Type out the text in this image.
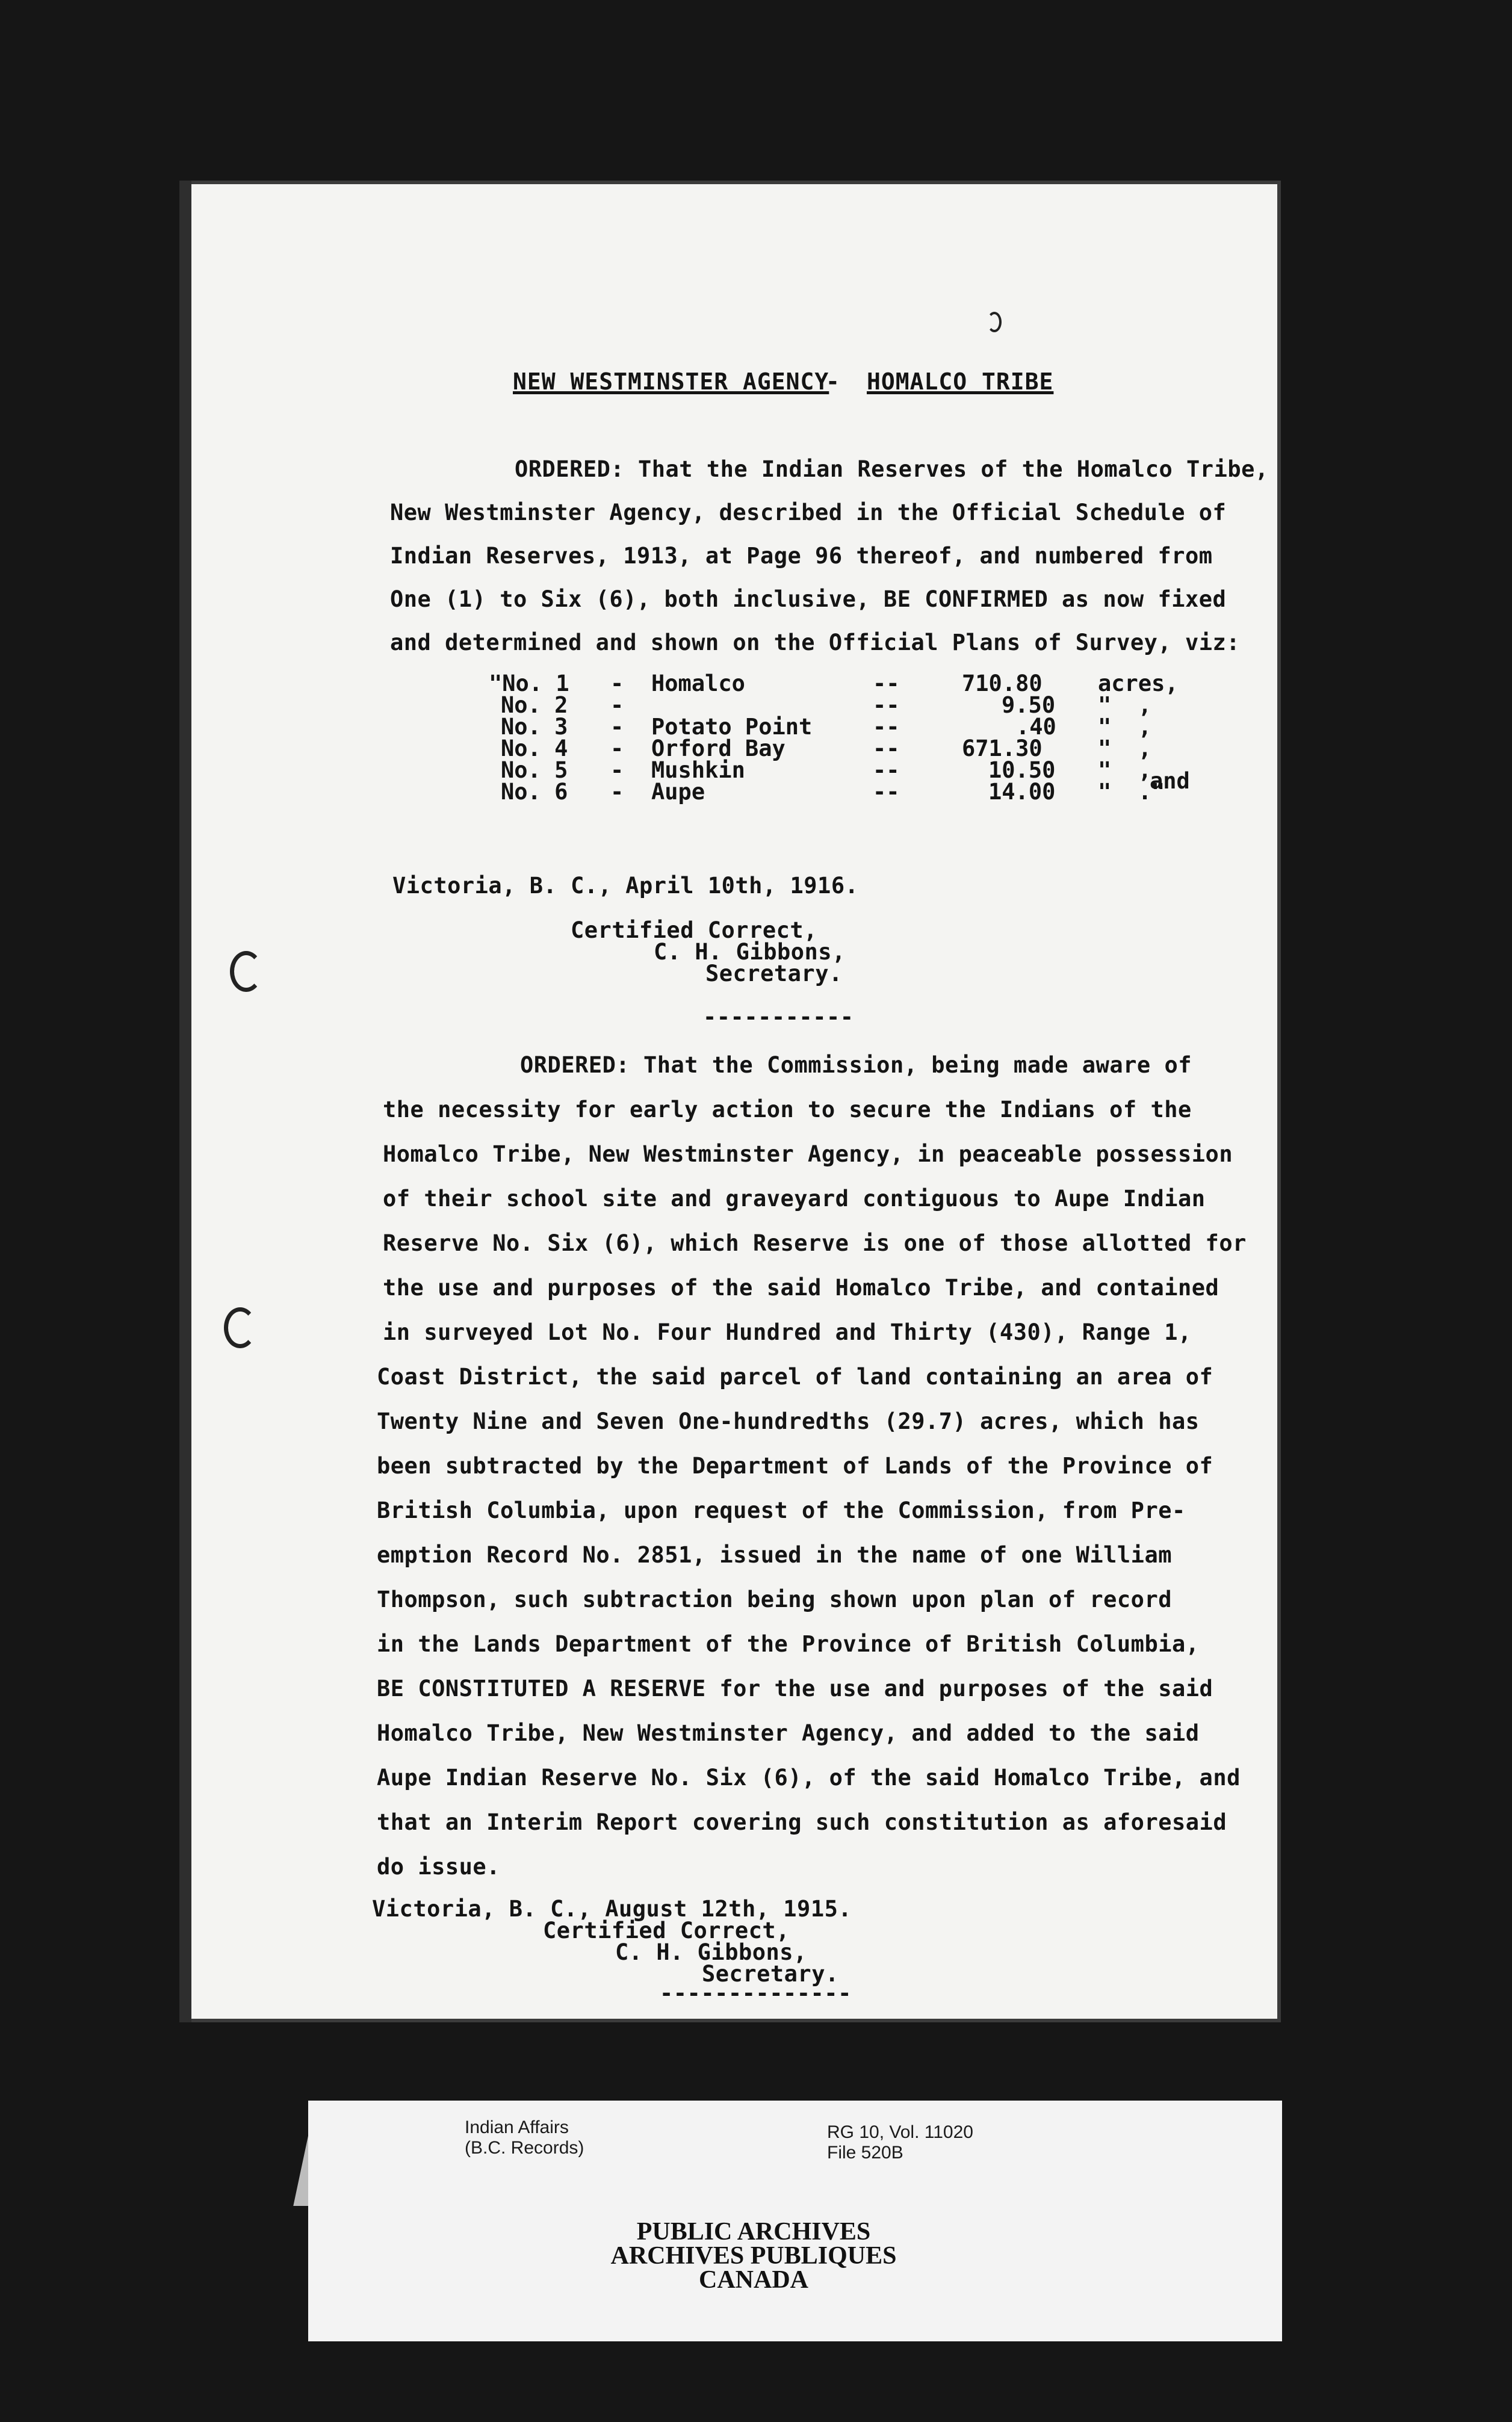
NEW WESTMINSTER AGENCY
- HOMALCO TRIBE
ORDERED: That the Indian Reserves of the Homalco Tribe,
New Westminster Agency, described in the Official Schedule of
Indian Reserves, 1913, at Page 96 thereof, and numbered from
One (1) to Six (6), both inclusive, BE CONFIRMED as now fixed
and determined and shown on the Official Plans of Survey, viz:
"No. 1 - Homalco	--	710.80 acres,
No. 2 -	--	9.50 "  ,
No. 3 - Potato Point	--	.40 "  ,
No. 4 - Orford Bay	--	671.30 "  ,
No. 5 - Mushkin	--	10.50 "  ,
No. 6 - Aupe	--	14.00 "  ."
and
Victoria, B. C., April 10th, 1916.
Certified Correct,
C. H. Gibbons,
Secretary.
-----------
ORDERED: That the Commission, being made aware of
the necessity for early action to secure the Indians of the
Homalco Tribe, New Westminster Agency, in peaceable possession
of their school site and graveyard contiguous to Aupe Indian
Reserve No. Six (6), which Reserve is one of those allotted for
the use and purposes of the said Homalco Tribe, and contained
in surveyed Lot No. Four Hundred and Thirty (430), Range 1,
Coast District, the said parcel of land containing an area of
Twenty Nine and Seven One-hundredths (29.7) acres, which has
been subtracted by the Department of Lands of the Province of
British Columbia, upon request of the Commission, from Pre-
emption Record No. 2851, issued in the name of one William
Thompson, such subtraction being shown upon plan of record
in the Lands Department of the Province of British Columbia,
BE CONSTITUTED A RESERVE for the use and purposes of the said
Homalco Tribe, New Westminster Agency, and added to the said
Aupe Indian Reserve No. Six (6), of the said Homalco Tribe, and
that an Interim Report covering such constitution as aforesaid
do issue.
Victoria, B. C., August 12th, 1915.
Certified Correct,
C. H. Gibbons,
Secretary.
--------------
Indian Affairs
(B.C. Records)
RG 10, Vol. 11020
File 520B
PUBLIC ARCHIVES
ARCHIVES PUBLIQUES
CANADA
